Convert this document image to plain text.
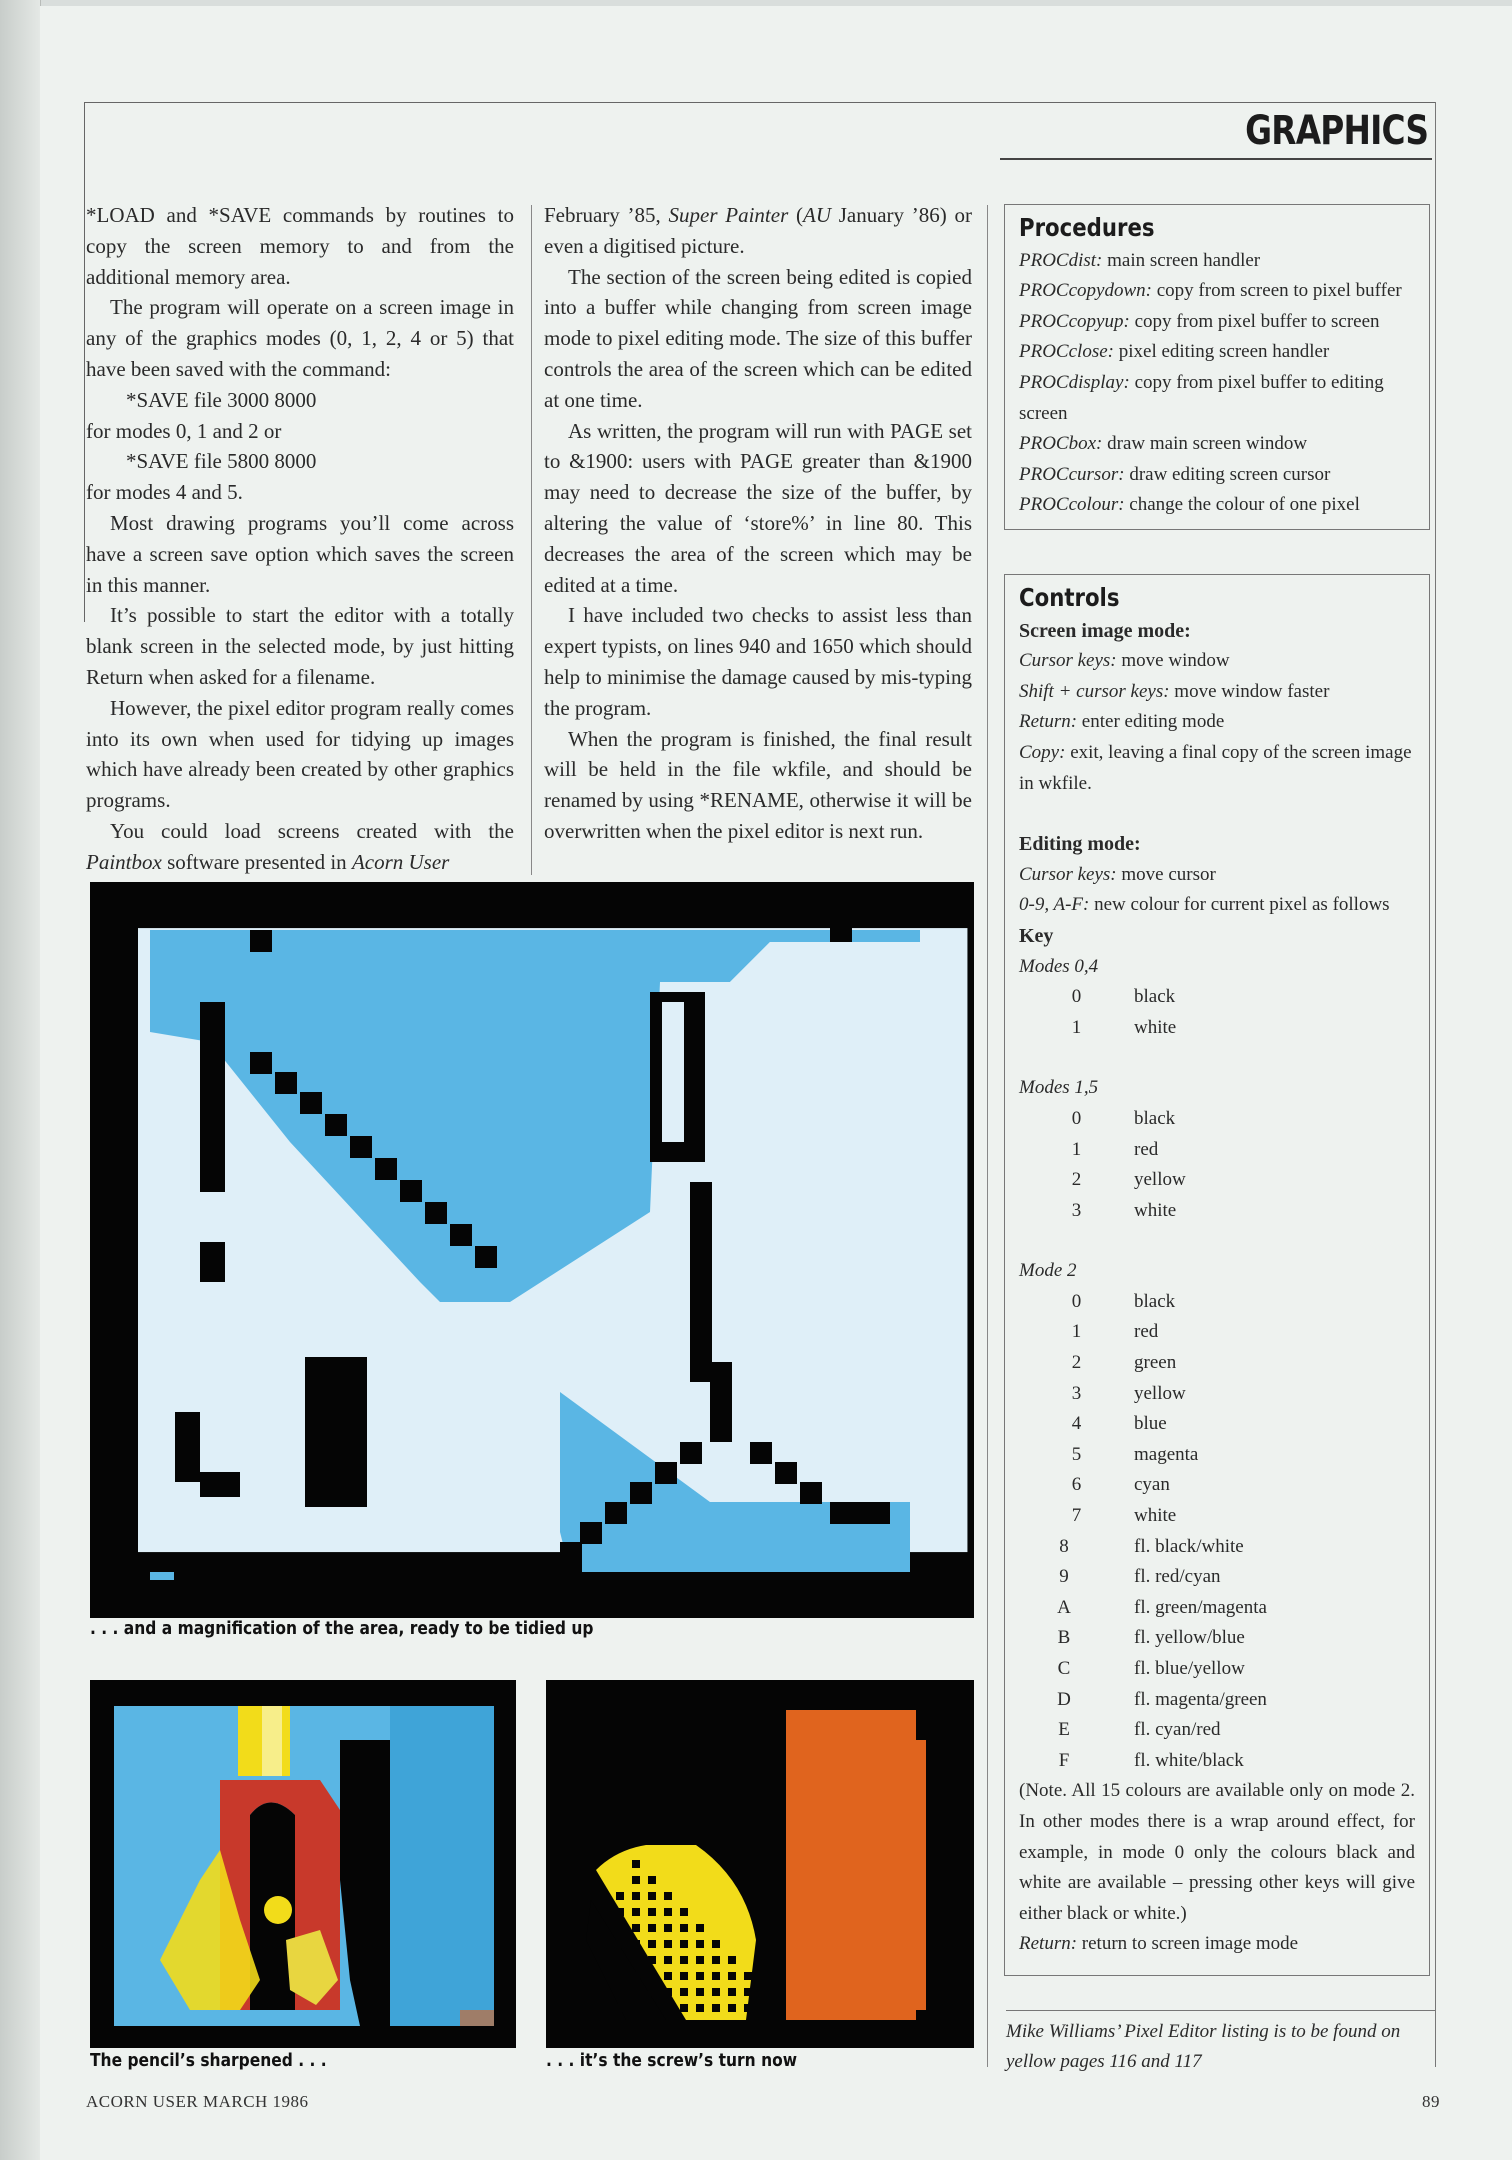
GRAPHICS

*LOAD and *SAVE commands by routines to copy the screen memory to and from the additional memory area.

The program will operate on a screen image in any of the graphics modes (0, 1, 2, 4 or 5) that have been saved with the command:

*SAVE file 3000 8000

for modes 0, 1 and 2 or

*SAVE file 5800 8000

for modes 4 and 5.

Most drawing programs you’ll come across have a screen save option which saves the screen in this manner.

It’s possible to start the editor with a totally blank screen in the selected mode, by just hitting Return when asked for a filename.

However, the pixel editor program really comes into its own when used for tidying up images which have already been created by other graphics programs.

You could load screens created with the Paintbox software presented in Acorn User

February ’85, Super Painter (AU January ’86) or even a digitised picture.

The section of the screen being edited is copied into a buffer while changing from screen image mode to pixel editing mode. The size of this buffer controls the area of the screen which can be edited at one time.

As written, the program will run with PAGE set to &1900: users with PAGE greater than &1900 may need to decrease the size of the buffer, by altering the value of ‘store%’ in line 80. This decreases the area of the screen which may be edited at a time.

I have included two checks to assist less than expert typists, on lines 940 and 1650 which should help to minimise the damage caused by mis-typing the program.

When the program is finished, the final result will be held in the file wkfile, and should be renamed by using *RENAME, otherwise it will be overwritten when the pixel editor is next run.

Procedures
PROCdist: main screen handler
PROCcopydown: copy from screen to pixel buffer
PROCcopyup: copy from pixel buffer to screen
PROCclose: pixel editing screen handler
PROCdisplay: copy from pixel buffer to editing screen
PROCbox: draw main screen window
PROCcursor: draw editing screen cursor
PROCcolour: change the colour of one pixel
Controls
Screen image mode:
Cursor keys: move window
Shift + cursor keys: move window faster
Return: enter editing mode
Copy: exit, leaving a final copy of the screen image in wkfile.
Editing mode:
Cursor keys: move cursor
0-9, A-F: new colour for current pixel as follows
Key
Modes 0,4
0	black
1	white
Modes 1,5
0	black
1	red
2	yellow
3	white
Mode 2
0	black
1	red
2	green
3	yellow
4	blue
5	magenta
6	cyan
7	white
8	fl. black/white
9	fl. red/cyan
A	fl. green/magenta
B	fl. yellow/blue
C	fl. blue/yellow
D	fl. magenta/green
E	fl. cyan/red
F	fl. white/black
(Note. All 15 colours are available only on mode 2. In other modes there is a wrap around effect, for example, in mode 0 only the colours black and white are available – pressing other keys will give either black or white.)
Return: return to screen image mode
. . . and a magnification of the area, ready to be tidied up
The pencil’s sharpened . . .	. . . it’s the screw’s turn now
Mike Williams’ Pixel Editor listing is to be found on yellow pages 116 and 117
ACORN USER MARCH 1986	89
